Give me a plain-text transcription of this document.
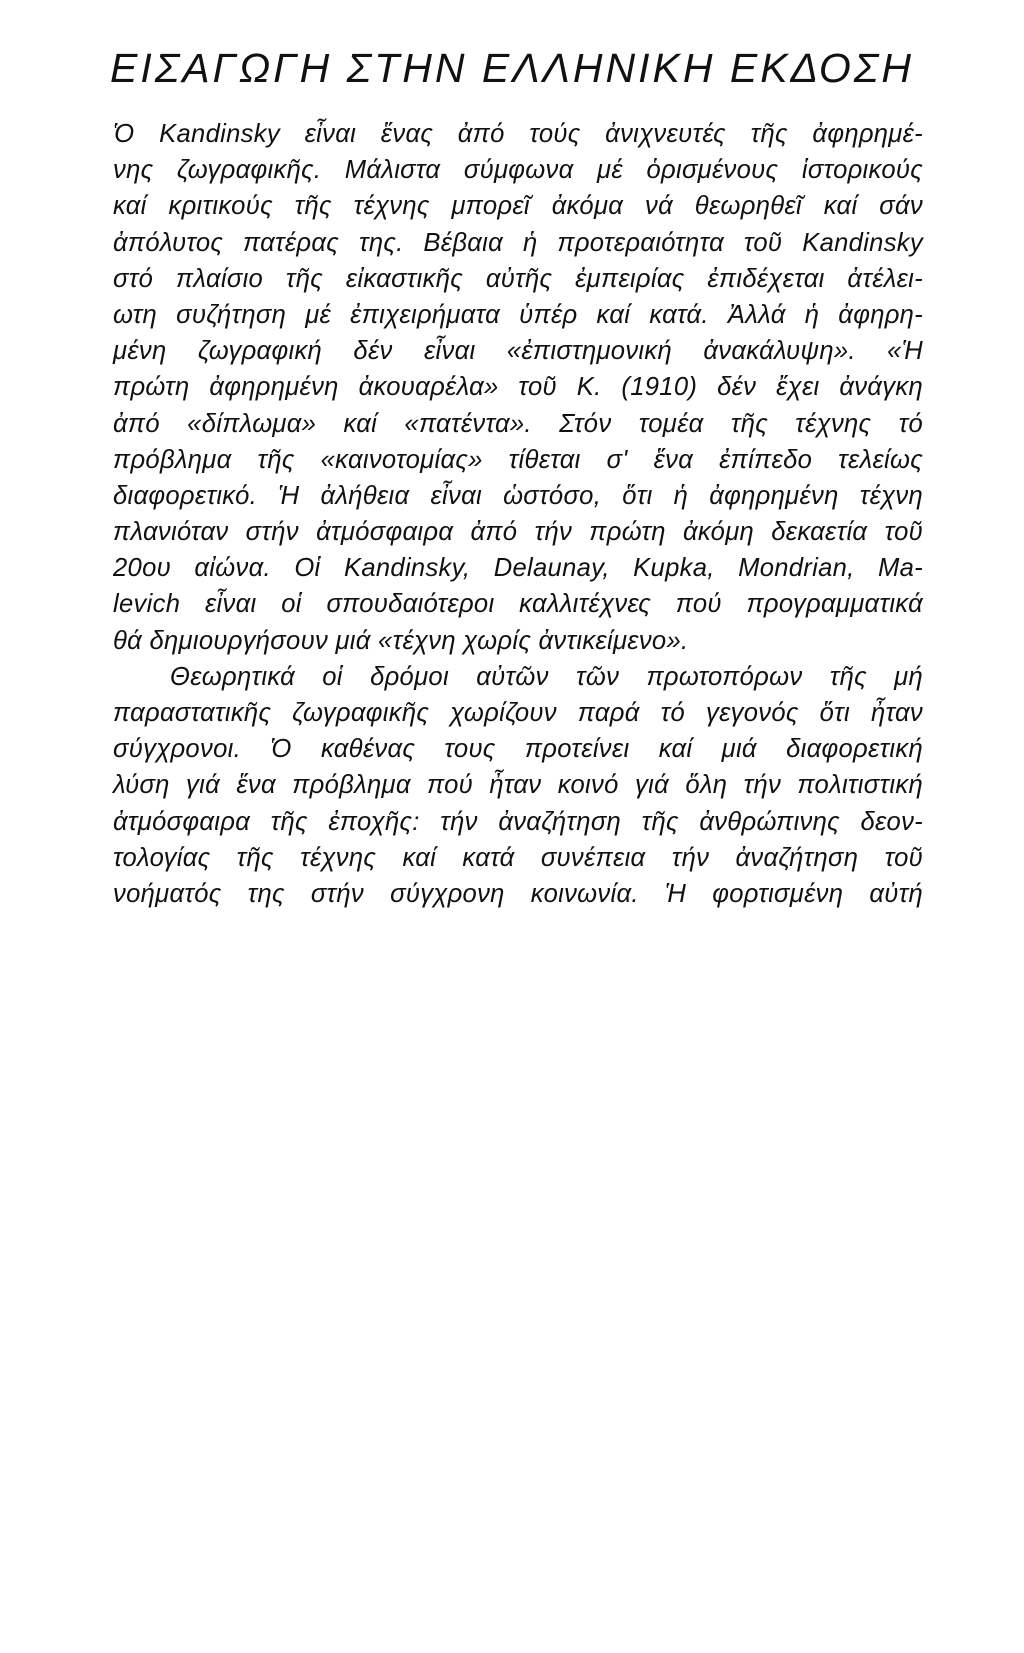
ΕΙΣΑΓΩΓΗ ΣΤΗΝ ΕΛΛΗΝΙΚΗ ΕΚΔΟΣΗ
Ὁ Kandinsky εἶναι ἕνας ἀπό τούς ἀνιχνευτές τῆς ἀφηρημέ-
νης ζωγραφικῆς. Μάλιστα σύμφωνα μέ ὁρισμένους ἱστορικούς
καί κριτικούς τῆς τέχνης μπορεῖ ἀκόμα νά θεωρηθεῖ καί σάν
ἀπόλυτος πατέρας της. Βέβαια ἡ προτεραιότητα τοῦ Kandinsky
στό πλαίσιο τῆς εἰκαστικῆς αὐτῆς ἐμπειρίας ἐπιδέχεται ἀτέλει-
ωτη συζήτηση μέ ἐπιχειρήματα ὑπέρ καί κατά. Ἀλλά ἡ ἀφηρη-
μένη ζωγραφική δέν εἶναι «ἐπιστημονική ἀνακάλυψη». «Ἡ
πρώτη ἀφηρημένη ἀκουαρέλα» τοῦ Κ. (1910) δέν ἔχει ἀνάγκη
ἀπό «δίπλωμα» καί «πατέντα». Στόν τομέα τῆς τέχνης τό
πρόβλημα τῆς «καινοτομίας» τίθεται σ' ἕνα ἐπίπεδο τελείως
διαφορετικό. Ἡ ἀλήθεια εἶναι ὡστόσο, ὅτι ἡ ἀφηρημένη τέχνη
πλανιόταν στήν ἀτμόσφαιρα ἀπό τήν πρώτη ἀκόμη δεκαετία τοῦ
20ου αἰώνα. Οἱ Kandinsky, Delaunay, Kupka, Mondrian, Ma-
levich εἶναι οἱ σπουδαιότεροι καλλιτέχνες πού προγραμματικά
θά δημιουργήσουν μιά «τέχνη χωρίς ἀντικείμενο».
Θεωρητικά οἱ δρόμοι αὐτῶν τῶν πρωτοπόρων τῆς μή
παραστατικῆς ζωγραφικῆς χωρίζουν παρά τό γεγονός ὅτι ἦταν
σύγχρονοι. Ὁ καθένας τους προτείνει καί μιά διαφορετική
λύση γιά ἕνα πρόβλημα πού ἦταν κοινό γιά ὅλη τήν πολιτιστική
ἀτμόσφαιρα τῆς ἐποχῆς: τήν ἀναζήτηση τῆς ἀνθρώπινης δεον-
τολογίας τῆς τέχνης καί κατά συνέπεια τήν ἀναζήτηση τοῦ
νοήματός της στήν σύγχρονη κοινωνία. Ἡ φορτισμένη αὐτή
